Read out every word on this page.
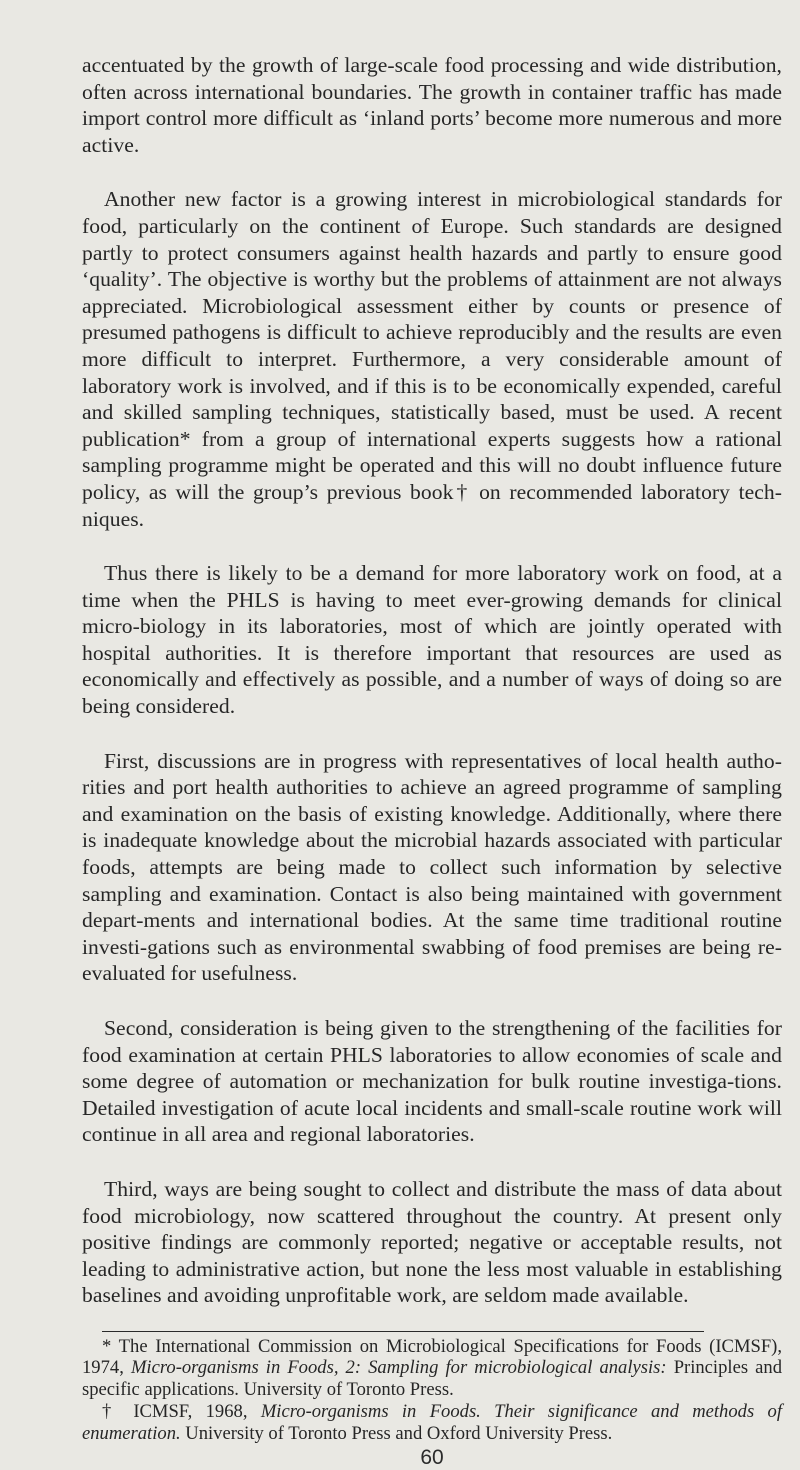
accentuated by the growth of large-scale food processing and wide distribution, often across international boundaries. The growth in container traffic has made import control more difficult as ‘inland ports’ become more numerous and more active.

Another new factor is a growing interest in microbiological standards for food, particularly on the continent of Europe. Such standards are designed partly to protect consumers against health hazards and partly to ensure good ‘quality’. The objective is worthy but the problems of attainment are not always appreciated. Microbiological assessment either by counts or presence of presumed pathogens is difficult to achieve reproducibly and the results are even more difficult to interpret. Furthermore, a very considerable amount of laboratory work is involved, and if this is to be economically expended, careful and skilled sampling techniques, statistically based, must be used. A recent publication* from a group of international experts suggests how a rational sampling programme might be operated and this will no doubt influence future policy, as will the group’s previous book† on recommended laboratory tech-niques.

Thus there is likely to be a demand for more laboratory work on food, at a time when the PHLS is having to meet ever-growing demands for clinical micro-biology in its laboratories, most of which are jointly operated with hospital authorities. It is therefore important that resources are used as economically and effectively as possible, and a number of ways of doing so are being considered.

First, discussions are in progress with representatives of local health autho-rities and port health authorities to achieve an agreed programme of sampling and examination on the basis of existing knowledge. Additionally, where there is inadequate knowledge about the microbial hazards associated with particular foods, attempts are being made to collect such information by selective sampling and examination. Contact is also being maintained with government depart-ments and international bodies. At the same time traditional routine investi-gations such as environmental swabbing of food premises are being re-evaluated for usefulness.

Second, consideration is being given to the strengthening of the facilities for food examination at certain PHLS laboratories to allow economies of scale and some degree of automation or mechanization for bulk routine investiga-tions. Detailed investigation of acute local incidents and small-scale routine work will continue in all area and regional laboratories.

Third, ways are being sought to collect and distribute the mass of data about food microbiology, now scattered throughout the country. At present only positive findings are commonly reported; negative or acceptable results, not leading to administrative action, but none the less most valuable in establishing baselines and avoiding unprofitable work, are seldom made available.

* The International Commission on Microbiological Specifications for Foods (ICMSF), 1974, Micro-organisms in Foods, 2: Sampling for microbiological analysis: Principles and specific applications. University of Toronto Press.

† ICMSF, 1968, Micro-organisms in Foods. Their significance and methods of enumeration. University of Toronto Press and Oxford University Press.

60
